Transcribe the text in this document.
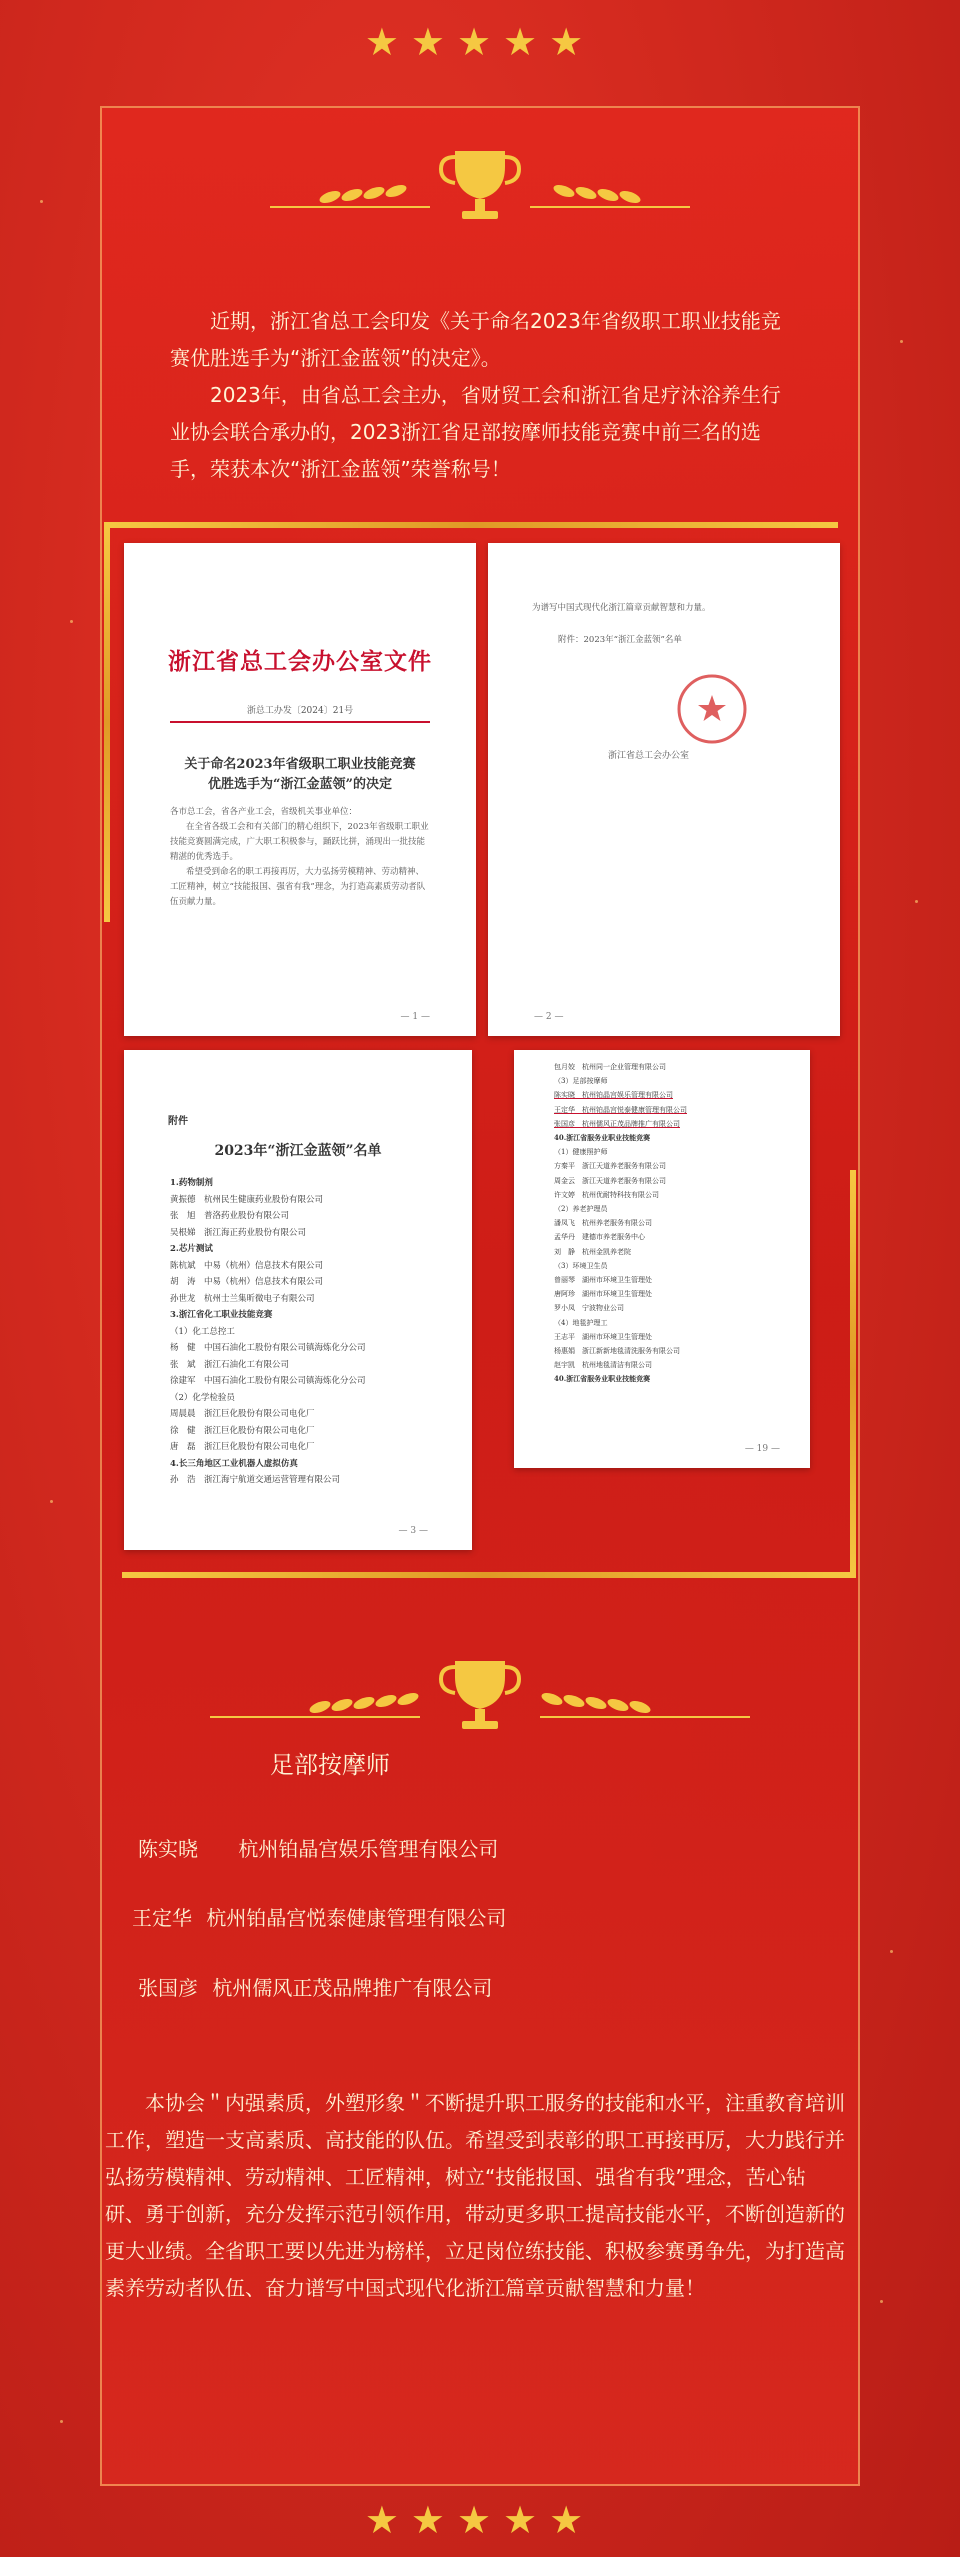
★★★★★

近期，浙江省总工会印发《关于命名2023年省级职工职业技能竞赛优胜选手为“浙江金蓝领”的决定》。

2023年，由省总工会主办，省财贸工会和浙江省足疗沐浴养生行业协会联合承办的，2023浙江省足部按摩师技能竞赛中前三名的选手，荣获本次“浙江金蓝领”荣誉称号！

浙江省总工会办公室文件
浙总工办发〔2024〕21号
关于命名2023年省级职工职业技能竞赛
优胜选手为“浙江金蓝领”的决定
各市总工会，省各产业工会，省级机关事业单位：
在全省各级工会和有关部门的精心组织下，2023年省级职工职业技能竞赛圆满完成，广大职工积极参与，踊跃比拼，涌现出一批技能精湛的优秀选手。
希望受到命名的职工再接再厉，大力弘扬劳模精神、劳动精神、工匠精神，树立“技能报国、强省有我”理念，为打造高素质劳动者队伍贡献力量。
— 1 —
为谱写中国式现代化浙江篇章贡献智慧和力量。
附件：2023年“浙江金蓝领”名单
浙江省总工会办公室
— 2 —
附件
2023年“浙江金蓝领”名单
1.药物制剂
黄振德　杭州民生健康药业股份有限公司
张　旭　普洛药业股份有限公司
吴根娣　浙江海正药业股份有限公司
2.芯片测试
陈杭斌　中易（杭州）信息技术有限公司
胡　涛　中易（杭州）信息技术有限公司
孙世龙　杭州士兰集昕微电子有限公司
3.浙江省化工职业技能竞赛
（1）化工总控工
杨　健　中国石油化工股份有限公司镇海炼化分公司
张　斌　浙江石油化工有限公司
徐建军　中国石油化工股份有限公司镇海炼化分公司
（2）化学检验员
周晨晨　浙江巨化股份有限公司电化厂
徐　健　浙江巨化股份有限公司电化厂
唐　磊　浙江巨化股份有限公司电化厂
4.长三角地区工业机器人虚拟仿真
孙　浩　浙江海宁航道交通运营管理有限公司
— 3 —
包月姣　杭州同一企业管理有限公司
（3）足部按摩师
陈实晓　杭州铂晶宫娱乐管理有限公司
王定华　杭州铂晶宫悦泰健康管理有限公司
张国彦　杭州儒风正茂品牌推广有限公司
40.浙江省服务业职业技能竞赛
（1）健康照护师
方秦平　浙江天道养老服务有限公司
周金云　浙江天道养老服务有限公司
许文婷　杭州优耐特科技有限公司
（2）养老护理员
潘凤飞　杭州养老服务有限公司
孟华丹　建德市养老服务中心
刘　静　杭州金凯养老院
（3）环境卫生员
曾丽琴　湖州市环境卫生管理处
唐阿珍　湖州市环境卫生管理处
罗小凤　宁波物业公司
（4）地毯护理工
王志平　湖州市环境卫生管理处
杨惠娟　浙江新新地毯清洗服务有限公司
赵宇凯　杭州地毯清洁有限公司
40.浙江省服务业职业技能竞赛
— 19 —
足部按摩师
陈实晓 杭州铂晶宫娱乐管理有限公司
王定华 杭州铂晶宫悦泰健康管理有限公司
张国彦 杭州儒风正茂品牌推广有限公司

本协会＂内强素质，外塑形象＂不断提升职工服务的技能和水平，注重教育培训工作，塑造一支高素质、高技能的队伍。希望受到表彰的职工再接再厉，大力践行并弘扬劳模精神、劳动精神、工匠精神，树立“技能报国、强省有我”理念，苦心钻研、勇于创新，充分发挥示范引领作用，带动更多职工提高技能水平，不断创造新的更大业绩。全省职工要以先进为榜样，立足岗位练技能、积极参赛勇争先，为打造高素养劳动者队伍、奋力谱写中国式现代化浙江篇章贡献智慧和力量！

★★★★★
